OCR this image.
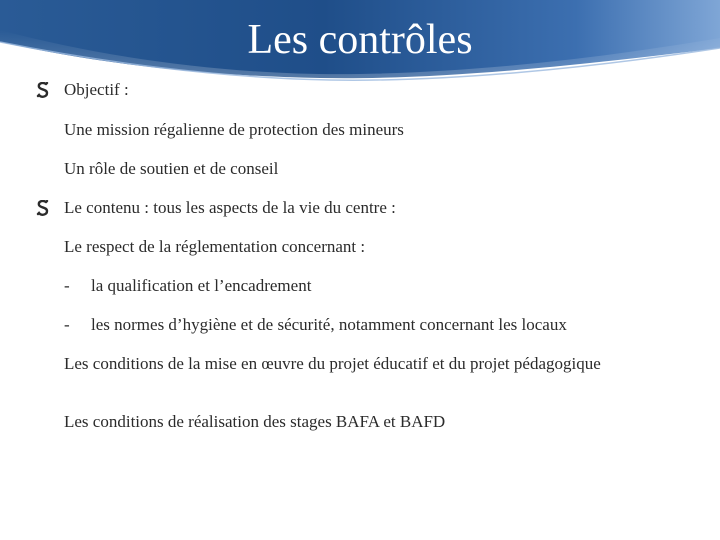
Les contrôles
Objectif :
Une mission régalienne de protection des mineurs
Un rôle de soutien et de conseil
Le contenu : tous les aspects de la vie du centre :
Le respect de la réglementation concernant :
-	la qualification et l’encadrement
-	les normes d’hygiène et de sécurité, notamment concernant les locaux
Les conditions de la mise en œuvre du projet éducatif et du projet pédagogique
Les conditions de réalisation des stages BAFA et BAFD
